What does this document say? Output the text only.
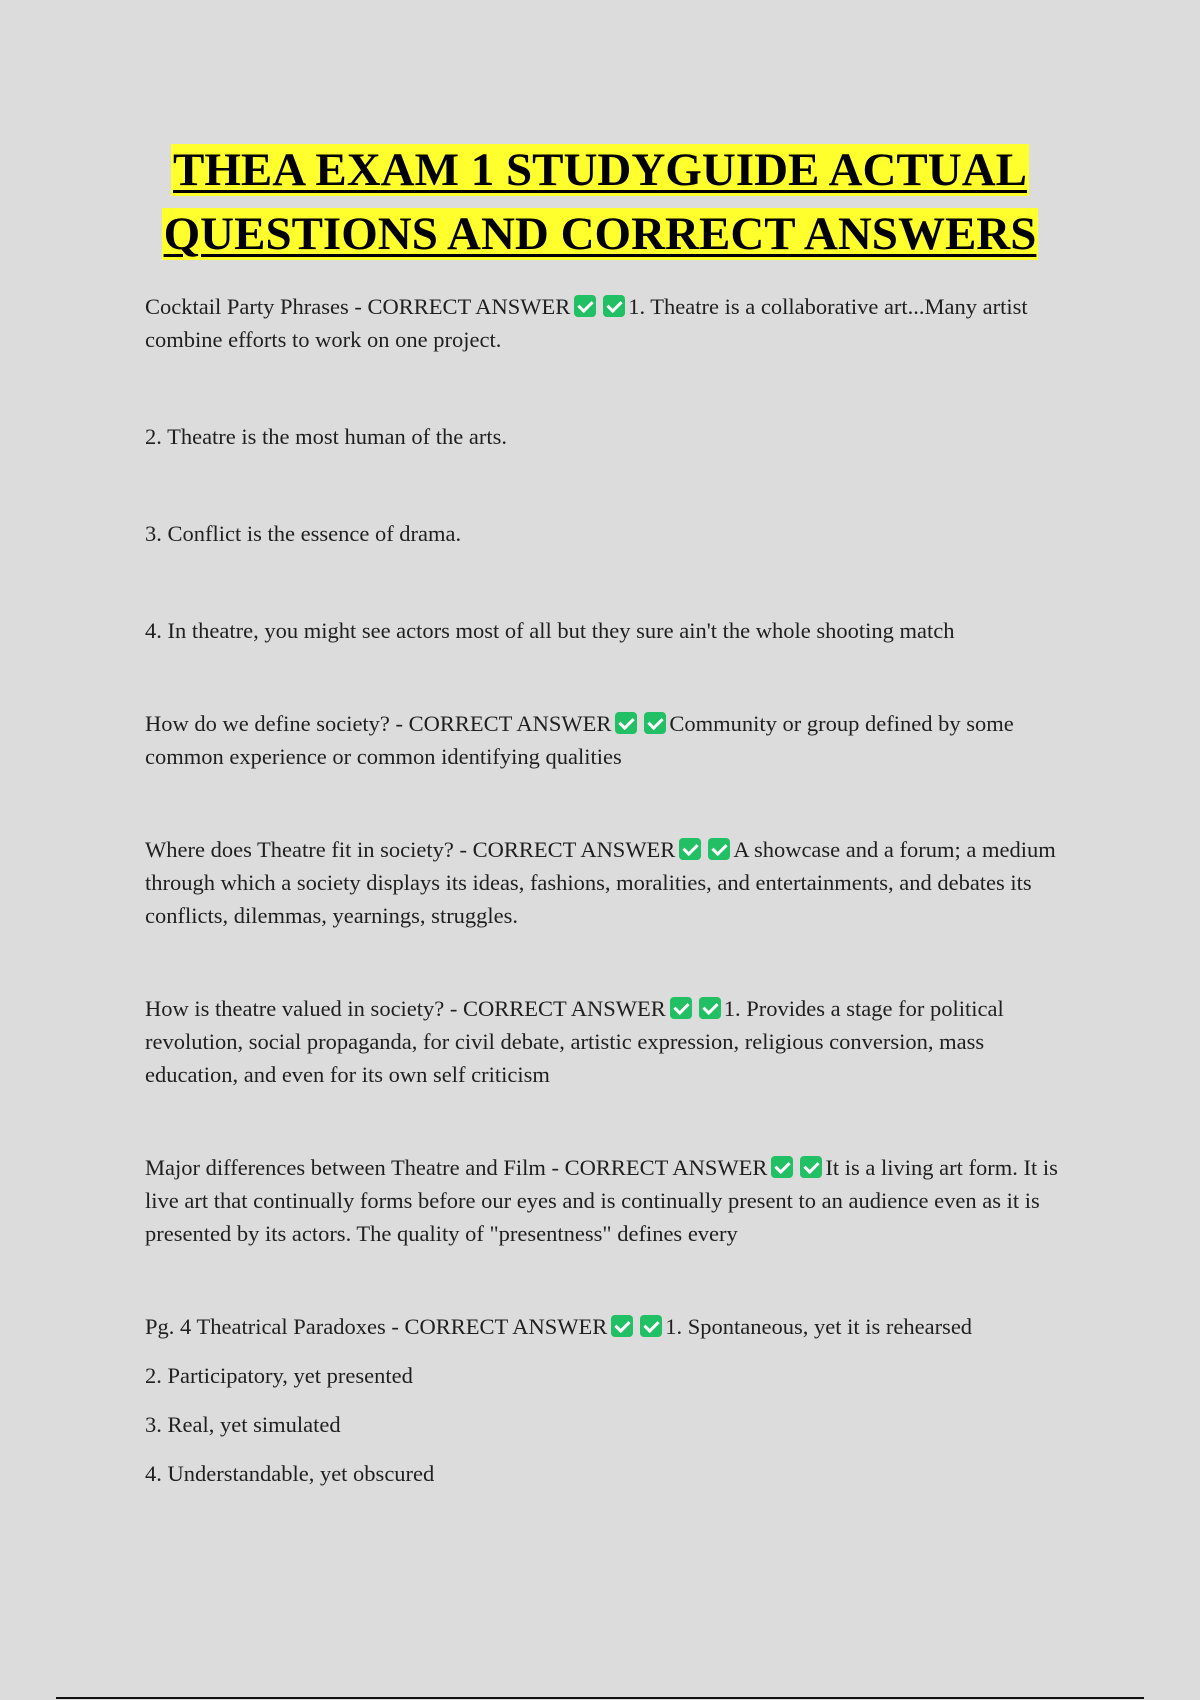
THEA EXAM 1 STUDYGUIDE ACTUAL
QUESTIONS AND CORRECT ANSWERS

Cocktail Party Phrases - CORRECT ANSWER	1. Theatre is a collaborative art...Many artist combine efforts to work on one project.

2. Theatre is the most human of the arts.

3. Conflict is the essence of drama.

4. In theatre, you might see actors most of all but they sure ain't the whole shooting match

How do we define society? - CORRECT ANSWER	Community or group defined by some common experience or common identifying qualities

Where does Theatre fit in society? - CORRECT ANSWER	A showcase and a forum; a medium through which a society displays its ideas, fashions, moralities, and entertainments, and debates its conflicts, dilemmas, yearnings, struggles.

How is theatre valued in society? - CORRECT ANSWER	1. Provides a stage for political revolution, social propaganda, for civil debate, artistic expression, religious conversion, mass education, and even for its own self criticism

Major differences between Theatre and Film - CORRECT ANSWER	It is a living art form. It is live art that continually forms before our eyes and is continually present to an audience even as it is presented by its actors. The quality of "presentness" defines every

Pg. 4 Theatrical Paradoxes - CORRECT ANSWER	1. Spontaneous, yet it is rehearsed

2. Participatory, yet presented

3. Real, yet simulated

4. Understandable, yet obscured
